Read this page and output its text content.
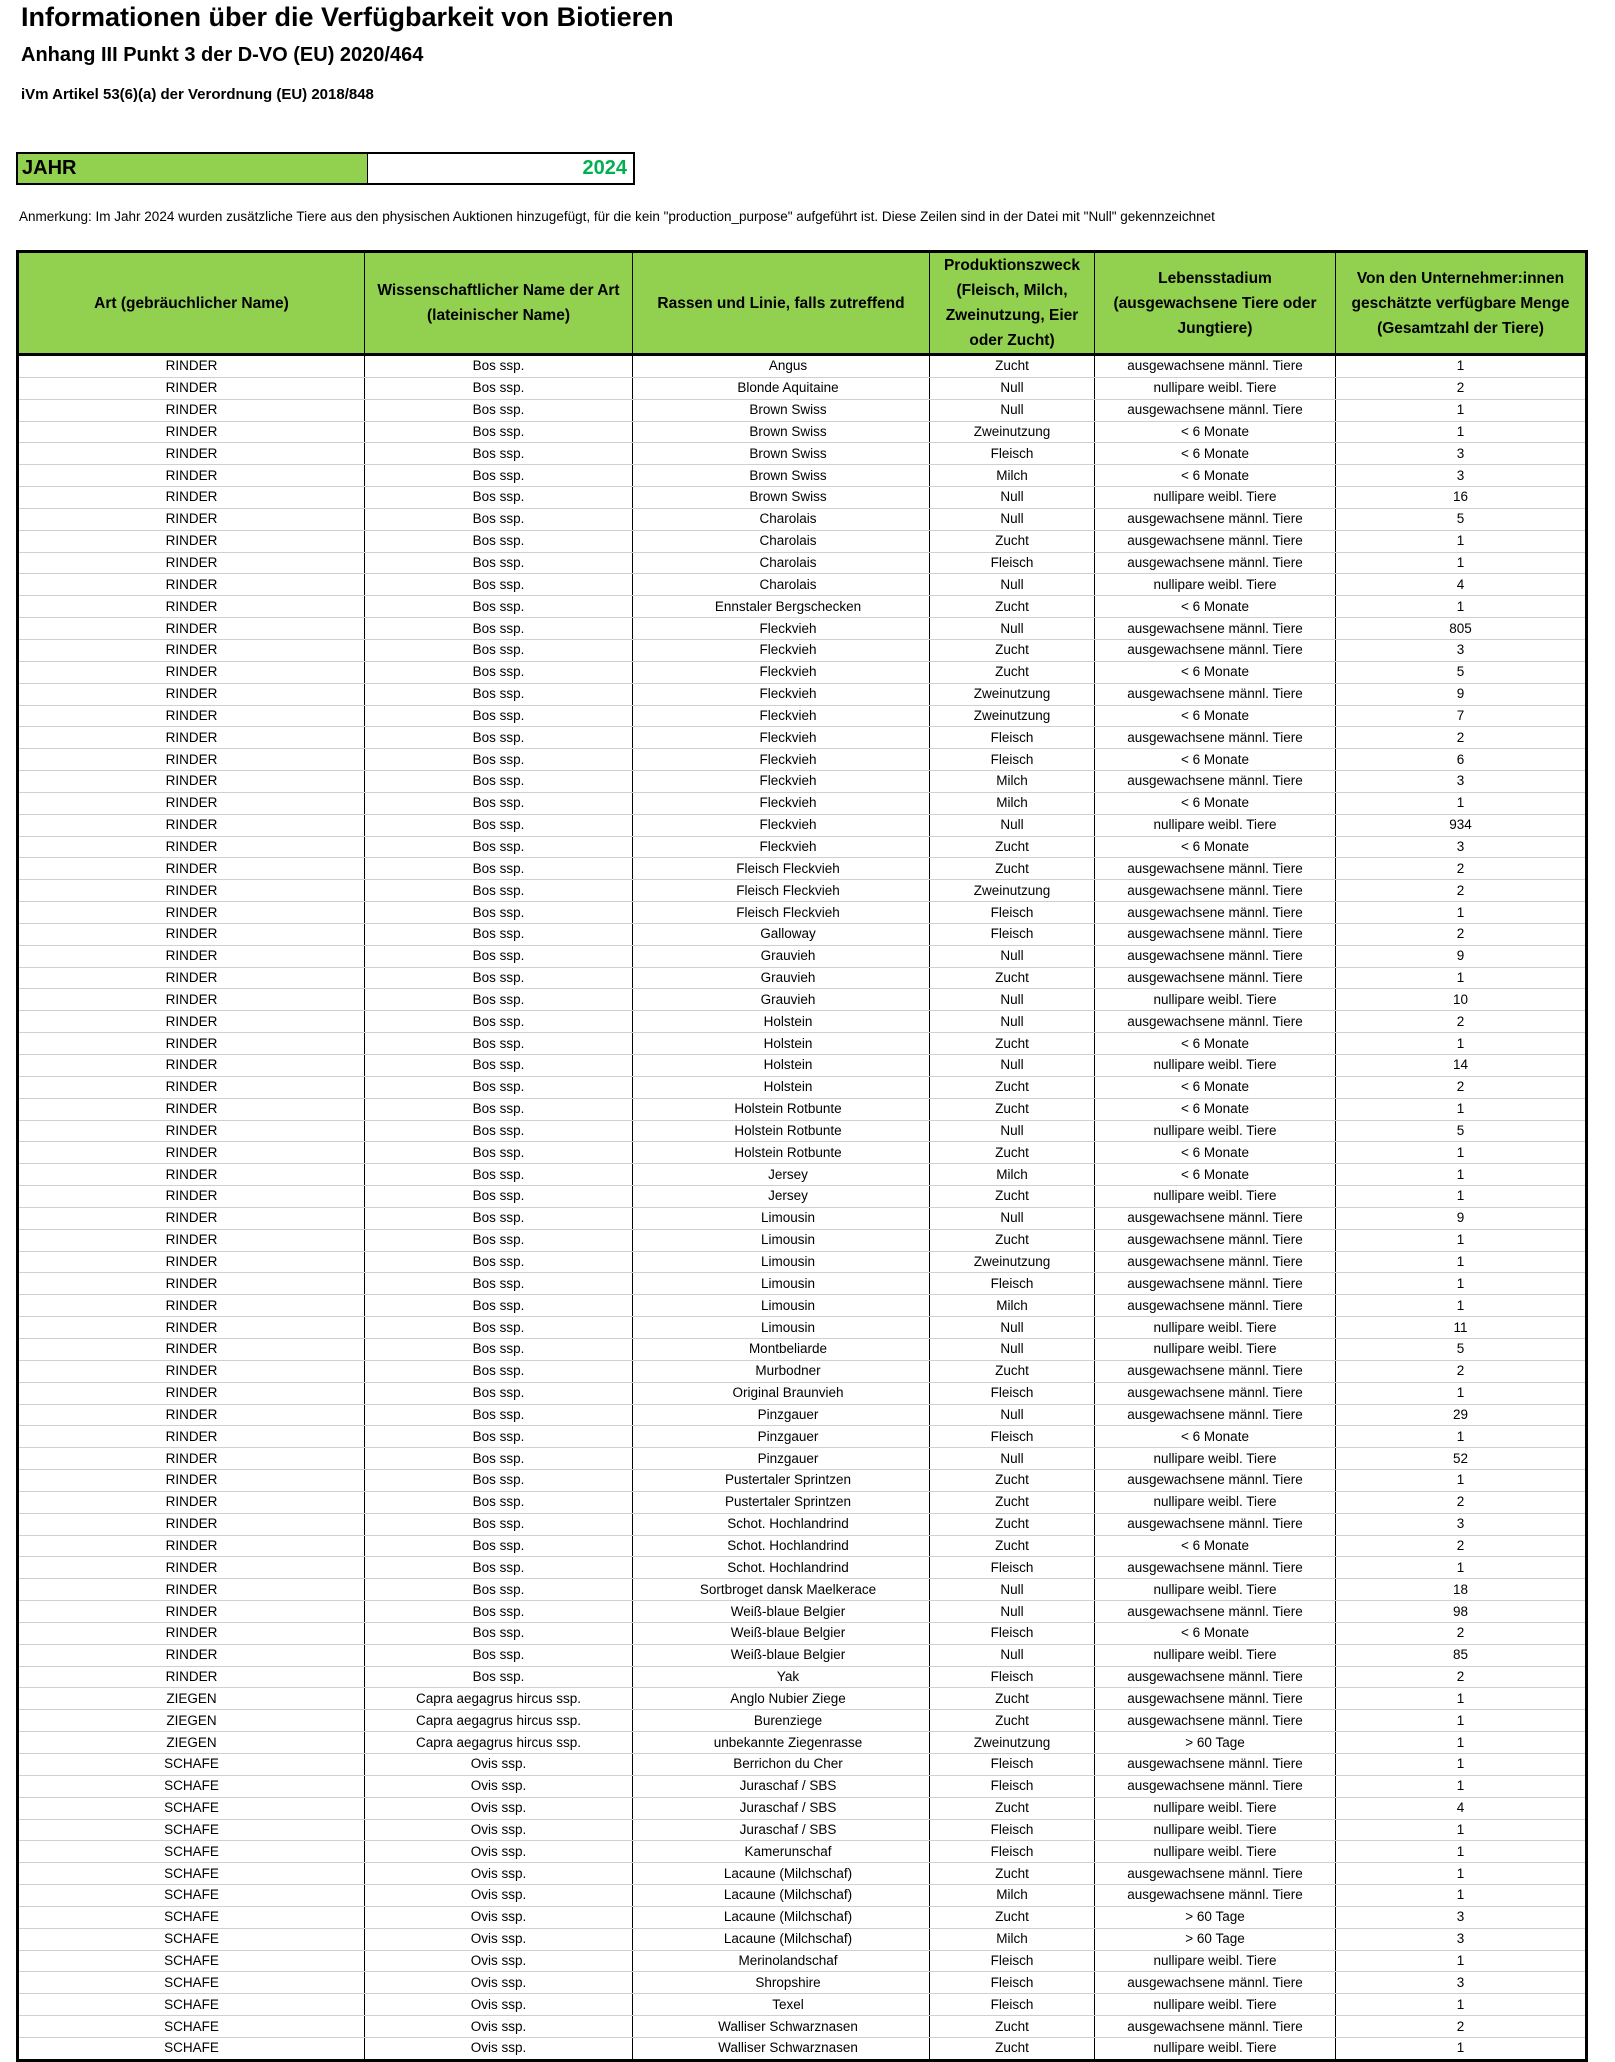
Informationen über die Verfügbarkeit von Biotieren
Anhang III Punkt 3 der D-VO (EU) 2020/464
iVm Artikel 53(6)(a) der Verordnung (EU) 2018/848
JAHR	2024
Anmerkung: Im Jahr 2024 wurden zusätzliche Tiere aus den physischen Auktionen hinzugefügt, für die kein "production_purpose" aufgeführt ist. Diese Zeilen sind in der Datei mit "Null" gekennzeichnet
Art (gebräuchlicher Name)	Wissenschaftlicher Name der Art (lateinischer Name)	Rassen und Linie, falls zutreffend	Produktionszweck (Fleisch, Milch, Zweinutzung, Eier oder Zucht)	Lebensstadium (ausgewachsene Tiere oder Jungtiere)	Von den Unternehmer:innen geschätzte verfügbare Menge (Gesamtzahl der Tiere)
RINDER	Bos ssp.	Angus	Zucht	ausgewachsene männl. Tiere	1
RINDER	Bos ssp.	Blonde Aquitaine	Null	nullipare weibl. Tiere	2
RINDER	Bos ssp.	Brown Swiss	Null	ausgewachsene männl. Tiere	1
RINDER	Bos ssp.	Brown Swiss	Zweinutzung	< 6 Monate	1
RINDER	Bos ssp.	Brown Swiss	Fleisch	< 6 Monate	3
RINDER	Bos ssp.	Brown Swiss	Milch	< 6 Monate	3
RINDER	Bos ssp.	Brown Swiss	Null	nullipare weibl. Tiere	16
RINDER	Bos ssp.	Charolais	Null	ausgewachsene männl. Tiere	5
RINDER	Bos ssp.	Charolais	Zucht	ausgewachsene männl. Tiere	1
RINDER	Bos ssp.	Charolais	Fleisch	ausgewachsene männl. Tiere	1
RINDER	Bos ssp.	Charolais	Null	nullipare weibl. Tiere	4
RINDER	Bos ssp.	Ennstaler Bergschecken	Zucht	< 6 Monate	1
RINDER	Bos ssp.	Fleckvieh	Null	ausgewachsene männl. Tiere	805
RINDER	Bos ssp.	Fleckvieh	Zucht	ausgewachsene männl. Tiere	3
RINDER	Bos ssp.	Fleckvieh	Zucht	< 6 Monate	5
RINDER	Bos ssp.	Fleckvieh	Zweinutzung	ausgewachsene männl. Tiere	9
RINDER	Bos ssp.	Fleckvieh	Zweinutzung	< 6 Monate	7
RINDER	Bos ssp.	Fleckvieh	Fleisch	ausgewachsene männl. Tiere	2
RINDER	Bos ssp.	Fleckvieh	Fleisch	< 6 Monate	6
RINDER	Bos ssp.	Fleckvieh	Milch	ausgewachsene männl. Tiere	3
RINDER	Bos ssp.	Fleckvieh	Milch	< 6 Monate	1
RINDER	Bos ssp.	Fleckvieh	Null	nullipare weibl. Tiere	934
RINDER	Bos ssp.	Fleckvieh	Zucht	< 6 Monate	3
RINDER	Bos ssp.	Fleisch Fleckvieh	Zucht	ausgewachsene männl. Tiere	2
RINDER	Bos ssp.	Fleisch Fleckvieh	Zweinutzung	ausgewachsene männl. Tiere	2
RINDER	Bos ssp.	Fleisch Fleckvieh	Fleisch	ausgewachsene männl. Tiere	1
RINDER	Bos ssp.	Galloway	Fleisch	ausgewachsene männl. Tiere	2
RINDER	Bos ssp.	Grauvieh	Null	ausgewachsene männl. Tiere	9
RINDER	Bos ssp.	Grauvieh	Zucht	ausgewachsene männl. Tiere	1
RINDER	Bos ssp.	Grauvieh	Null	nullipare weibl. Tiere	10
RINDER	Bos ssp.	Holstein	Null	ausgewachsene männl. Tiere	2
RINDER	Bos ssp.	Holstein	Zucht	< 6 Monate	1
RINDER	Bos ssp.	Holstein	Null	nullipare weibl. Tiere	14
RINDER	Bos ssp.	Holstein	Zucht	< 6 Monate	2
RINDER	Bos ssp.	Holstein Rotbunte	Zucht	< 6 Monate	1
RINDER	Bos ssp.	Holstein Rotbunte	Null	nullipare weibl. Tiere	5
RINDER	Bos ssp.	Holstein Rotbunte	Zucht	< 6 Monate	1
RINDER	Bos ssp.	Jersey	Milch	< 6 Monate	1
RINDER	Bos ssp.	Jersey	Zucht	nullipare weibl. Tiere	1
RINDER	Bos ssp.	Limousin	Null	ausgewachsene männl. Tiere	9
RINDER	Bos ssp.	Limousin	Zucht	ausgewachsene männl. Tiere	1
RINDER	Bos ssp.	Limousin	Zweinutzung	ausgewachsene männl. Tiere	1
RINDER	Bos ssp.	Limousin	Fleisch	ausgewachsene männl. Tiere	1
RINDER	Bos ssp.	Limousin	Milch	ausgewachsene männl. Tiere	1
RINDER	Bos ssp.	Limousin	Null	nullipare weibl. Tiere	11
RINDER	Bos ssp.	Montbeliarde	Null	nullipare weibl. Tiere	5
RINDER	Bos ssp.	Murbodner	Zucht	ausgewachsene männl. Tiere	2
RINDER	Bos ssp.	Original Braunvieh	Fleisch	ausgewachsene männl. Tiere	1
RINDER	Bos ssp.	Pinzgauer	Null	ausgewachsene männl. Tiere	29
RINDER	Bos ssp.	Pinzgauer	Fleisch	< 6 Monate	1
RINDER	Bos ssp.	Pinzgauer	Null	nullipare weibl. Tiere	52
RINDER	Bos ssp.	Pustertaler Sprintzen	Zucht	ausgewachsene männl. Tiere	1
RINDER	Bos ssp.	Pustertaler Sprintzen	Zucht	nullipare weibl. Tiere	2
RINDER	Bos ssp.	Schot. Hochlandrind	Zucht	ausgewachsene männl. Tiere	3
RINDER	Bos ssp.	Schot. Hochlandrind	Zucht	< 6 Monate	2
RINDER	Bos ssp.	Schot. Hochlandrind	Fleisch	ausgewachsene männl. Tiere	1
RINDER	Bos ssp.	Sortbroget dansk Maelkerace	Null	nullipare weibl. Tiere	18
RINDER	Bos ssp.	Weiß-blaue Belgier	Null	ausgewachsene männl. Tiere	98
RINDER	Bos ssp.	Weiß-blaue Belgier	Fleisch	< 6 Monate	2
RINDER	Bos ssp.	Weiß-blaue Belgier	Null	nullipare weibl. Tiere	85
RINDER	Bos ssp.	Yak	Fleisch	ausgewachsene männl. Tiere	2
ZIEGEN	Capra aegagrus hircus ssp.	Anglo Nubier Ziege	Zucht	ausgewachsene männl. Tiere	1
ZIEGEN	Capra aegagrus hircus ssp.	Burenziege	Zucht	ausgewachsene männl. Tiere	1
ZIEGEN	Capra aegagrus hircus ssp.	unbekannte Ziegenrasse	Zweinutzung	> 60 Tage	1
SCHAFE	Ovis ssp.	Berrichon du Cher	Fleisch	ausgewachsene männl. Tiere	1
SCHAFE	Ovis ssp.	Juraschaf / SBS	Fleisch	ausgewachsene männl. Tiere	1
SCHAFE	Ovis ssp.	Juraschaf / SBS	Zucht	nullipare weibl. Tiere	4
SCHAFE	Ovis ssp.	Juraschaf / SBS	Fleisch	nullipare weibl. Tiere	1
SCHAFE	Ovis ssp.	Kamerunschaf	Fleisch	nullipare weibl. Tiere	1
SCHAFE	Ovis ssp.	Lacaune (Milchschaf)	Zucht	ausgewachsene männl. Tiere	1
SCHAFE	Ovis ssp.	Lacaune (Milchschaf)	Milch	ausgewachsene männl. Tiere	1
SCHAFE	Ovis ssp.	Lacaune (Milchschaf)	Zucht	> 60 Tage	3
SCHAFE	Ovis ssp.	Lacaune (Milchschaf)	Milch	> 60 Tage	3
SCHAFE	Ovis ssp.	Merinolandschaf	Fleisch	nullipare weibl. Tiere	1
SCHAFE	Ovis ssp.	Shropshire	Fleisch	ausgewachsene männl. Tiere	3
SCHAFE	Ovis ssp.	Texel	Fleisch	nullipare weibl. Tiere	1
SCHAFE	Ovis ssp.	Walliser Schwarznasen	Zucht	ausgewachsene männl. Tiere	2
SCHAFE	Ovis ssp.	Walliser Schwarznasen	Zucht	nullipare weibl. Tiere	1
